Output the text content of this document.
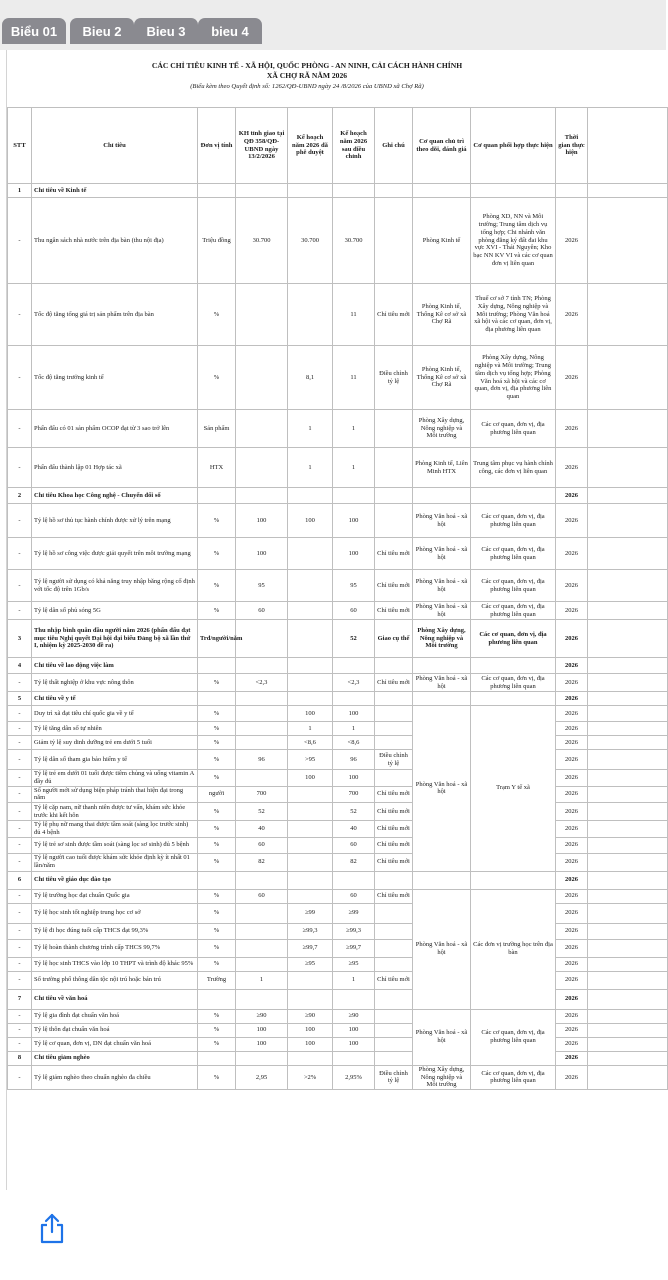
Biểu 01	Bieu 2	Bieu 3	bieu 4
CÁC CHỈ TIÊU KINH TẾ - XÃ HỘI, QUỐC PHÒNG - AN NINH, CẢI CÁCH HÀNH CHÍNH
XÃ CHỢ RÃ NĂM 2026
(Biểu kèm theo Quyết định số: 1262/QĐ-UBND ngày 24 /8/2026 của UBND xã Chợ Rã)
STT	Chỉ tiêu	Đơn vị tính	KH tỉnh giao tại QĐ 358/QĐ-UBND ngày 13/2/2026	Kế hoạch năm 2026 đã phê duyệt	Kế hoạch năm 2026 sau điều chỉnh	Ghi chú	Cơ quan chủ trì theo dõi, đánh giá	Cơ quan phối hợp thực hiện	Thời gian thực hiện	
1	Chỉ tiêu về Kinh tế									
-	Thu ngân sách nhà nước trên địa bàn (thu nội địa)	Triệu đồng	30.700	30.700	30.700		Phòng Kinh tế	Phòng XD, NN và Môi trường; Trung tâm dịch vụ tổng hợp; Chi nhánh văn phòng đăng ký đất đai khu vực XVI - Thái Nguyên; Kho bạc NN KV VI và các cơ quan đơn vị liên quan	2026	
-	Tốc độ tăng tổng giá trị sản phẩm trên địa bàn	%			11	Chỉ tiêu mới	Phòng Kinh tế, Thống Kê cơ sở xã Chợ Rã	Thuế cơ sở 7 tỉnh TN; Phòng Xây dựng, Nông nghiệp và Môi trường; Phòng Văn hoá xã hội và các cơ quan, đơn vị, địa phương liên quan	2026	
-	Tốc độ tăng trưởng kinh tế	%		8,1	11	Điều chỉnh tỷ lệ	Phòng Kinh tế, Thống Kê cơ sở xã Chợ Rã	Phòng Xây dựng, Nông nghiệp và Môi trường; Trung tâm dịch vụ tổng hợp; Phòng Văn hoá xã hội và các cơ quan, đơn vị, địa phương liên quan	2026	
-	Phấn đấu có 01 sản phẩm OCOP đạt từ 3 sao trở lên	Sản phẩm		1	1		Phòng Xây dựng, Nông nghiệp và Môi trường	Các cơ quan, đơn vị, địa phương liên quan	2026	
-	Phấn đấu thành lập 01 Hợp tác xã	HTX		1	1		Phòng Kinh tế, Liên Minh HTX	Trung tâm phục vụ hành chính công, các đơn vị liên quan	2026	
2	Chỉ tiêu Khoa học Công nghệ - Chuyển đổi số								2026	
-	Tỷ lệ hồ sơ thủ tục hành chính được xử lý trên mạng	%	100	100	100		Phòng Văn hoá - xã hội	Các cơ quan, đơn vị, địa phương liên quan	2026	
-	Tỷ lệ hồ sơ công việc được giải quyết trên môi trường mạng	%	100		100	Chỉ tiêu mới	Phòng Văn hoá - xã hội	Các cơ quan, đơn vị, địa phương liên quan	2026	
-	Tỷ lệ người sử dụng có khả năng truy nhập băng rộng cố định với tốc độ trên 1Gb/s	%	95		95	Chỉ tiêu mới	Phòng Văn hoá - xã hội	Các cơ quan, đơn vị, địa phương liên quan	2026	
-	Tỷ lệ dân số phủ sóng 5G	%	60		60	Chỉ tiêu mới	Phòng Văn hoá - xã hội	Các cơ quan, đơn vị, địa phương liên quan	2026	
3	Thu nhập bình quân đầu người năm 2026 (phấn đấu đạt mục tiêu Nghị quyết Đại hội đại biểu Đảng bộ xã lần thứ I, nhiệm kỳ 2025-2030 đề ra)	Trđ/người/năm			52	Giao cụ thể	Phòng Xây dựng, Nông nghiệp và Môi trường	Các cơ quan, đơn vị, địa phương liên quan	2026	
4	Chỉ tiêu về lao động việc làm								2026	
-	Tỷ lệ thất nghiệp ở khu vực nông thôn	%	<2,3		<2,3	Chỉ tiêu mới	Phòng Văn hoá - xã hội	Các cơ quan, đơn vị, địa phương liên quan	2026	
5	Chỉ tiêu về y tế								2026	
-	Duy trì xã đạt tiêu chí quốc gia về y tế	%		100	100		Phòng Văn hoá - xã hội	Trạm Y tế xã	2026	
-	Tỷ lệ tăng dân số tự nhiên	%		1	1				2026	
-	Giảm tỷ lệ suy dinh dưỡng trẻ em dưới 5 tuổi	%		<8,6	<8,6				2026	
-	Tỷ lệ dân số tham gia bảo hiểm y tế	%	96	>95	96	Điều chỉnh tỷ lệ			2026	
-	Tỷ lệ trẻ em dưới 01 tuổi được tiêm chủng và uống vitamin A đầy đủ	%		100	100				2026	
-	Số người mới sử dụng biện pháp tránh thai hiện đại trong năm	người	700		700	Chỉ tiêu mới			2026	
-	Tỷ lệ cặp nam, nữ thanh niên được tư vấn, khám sức khỏe trước khi kết hôn	%	52		52	Chỉ tiêu mới			2026	
-	Tỷ lệ phụ nữ mang thai được tầm soát (sàng lọc trước sinh) đủ 4 bệnh	%	40		40	Chỉ tiêu mới			2026	
-	Tỷ lệ trẻ sơ sinh được tầm soát (sàng lọc sơ sinh) đủ 5 bệnh	%	60		60	Chỉ tiêu mới			2026	
-	Tỷ lệ người cao tuổi được khám sức khỏe định kỳ ít nhất 01 lần/năm	%	82		82	Chỉ tiêu mới			2026	
6	Chỉ tiêu về giáo dục đào tạo								2026	
-	Tỷ lệ trường học đạt chuẩn Quốc gia	%	60		60	Chỉ tiêu mới	Phòng Văn hoá - xã hội	Các đơn vị trường học trên địa bàn	2026	
-	Tỷ lệ học sinh tốt nghiệp trung học cơ sở	%		≥99	≥99				2026	
-	Tỷ lệ đi học đúng tuổi cấp THCS đạt 99,3%	%		≥99,3	≥99,3				2026	
-	Tỷ lệ hoàn thành chương trình cấp THCS 99,7%	%		≥99,7	≥99,7				2026	
-	Tỷ lệ học sinh THCS vào lớp 10 THPT và trình độ khác 95%	%		≥95	≥95				2026	
-	Số trường phổ thông dân tộc nội trú hoặc bán trú	Trường	1		1	Chỉ tiêu mới			2026	
7	Chỉ tiêu về văn hoá								2026	
-	Tỷ lệ gia đình đạt chuẩn văn hoá	%	≥90	≥90	≥90		Phòng Văn hoá - xã hội	Các cơ quan, đơn vị, địa phương liên quan	2026	
-	Tỷ lệ thôn đạt chuẩn văn hoá	%	100	100	100				2026	
-	Tỷ lệ cơ quan, đơn vị, DN đạt chuẩn văn hoá	%	100	100	100				2026	
8	Chỉ tiêu giảm nghèo								2026	
-	Tỷ lệ giảm nghèo theo chuẩn nghèo đa chiều	%	2,95	>2%	2,95%	Điều chỉnh tỷ lệ	Phòng Xây dựng, Nông nghiệp và Môi trường	Các cơ quan, đơn vị, địa phương liên quan	2026	
